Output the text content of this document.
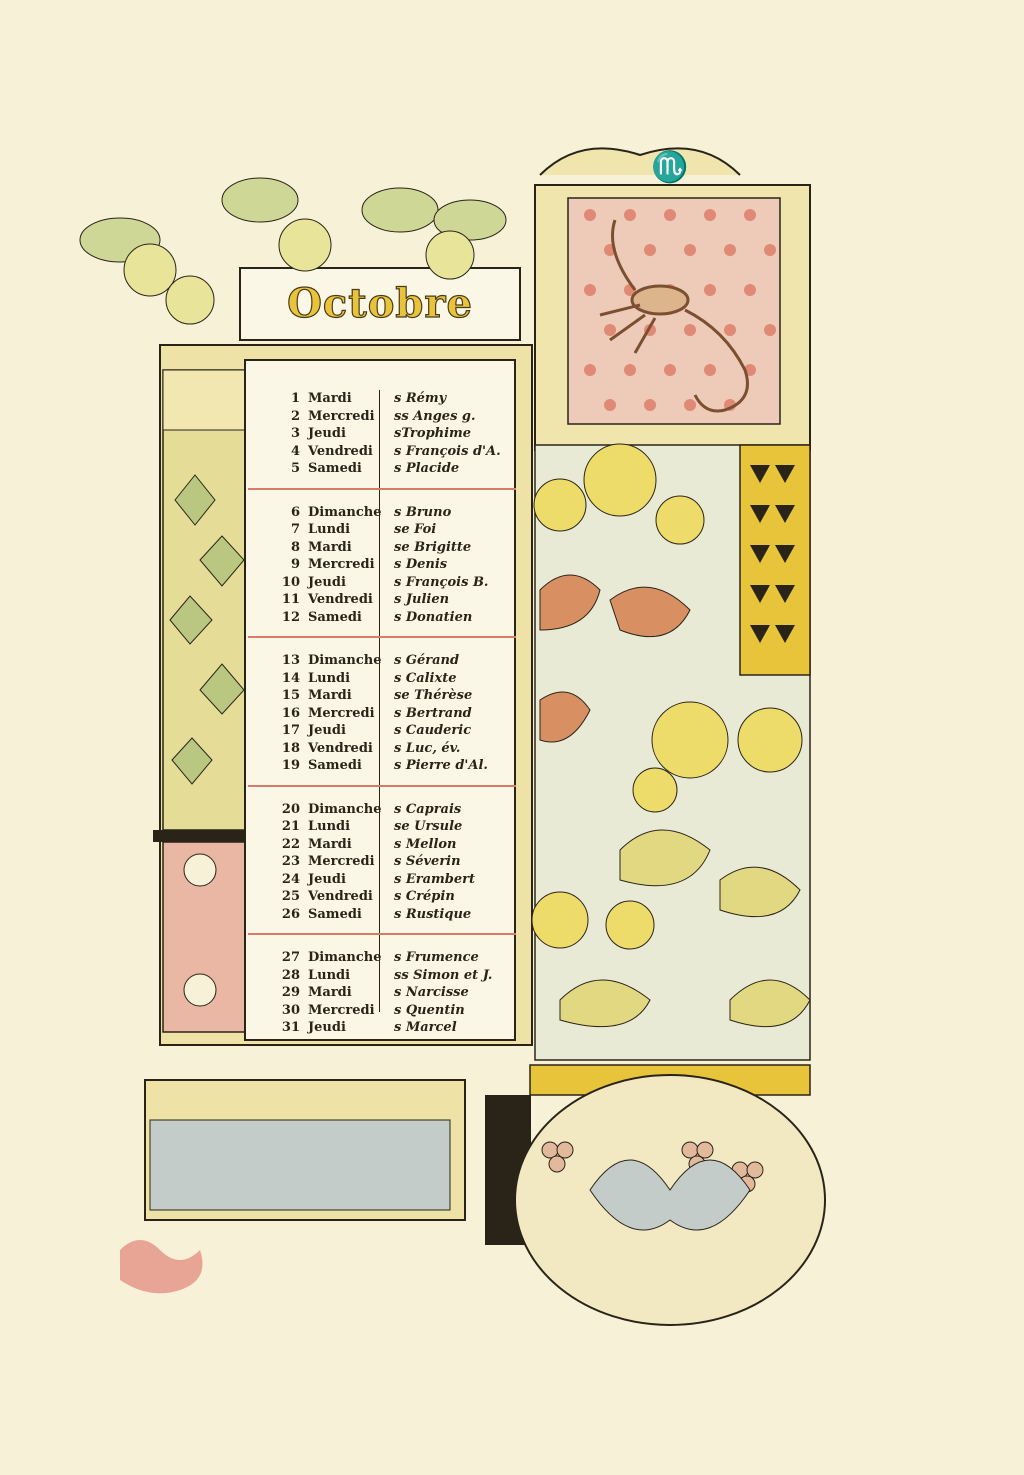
Octobre
♏
1 Mardi	s Rémy
2 Mercredi	ss Anges g.
3 Jeudi	sTrophime
4 Vendredi	s François d'A.
5 Samedi	s Placide
6 Dimanche s Bruno
7 Lundi	se Foi
8 Mardi	se Brigitte
9 Mercredi	s Denis
10 Jeudi	s François B.
11 Vendredi	s Julien
12 Samedi	s Donatien
13 Dimanche s Gérand
14 Lundi	s Calixte
15 Mardi	se Thérèse
16 Mercredi	s Bertrand
17 Jeudi	s Cauderic
18 Vendredi	s Luc, év.
19 Samedi	s Pierre d'Al.
20 Dimanche s Caprais
21 Lundi	se Ursule
22 Mardi	s Mellon
23 Mercredi	s Séverin
24 Jeudi	s Erambert
25 Vendredi	s Crépin
26 Samedi	s Rustique
27 Dimanche s Frumence
28 Lundi	ss Simon et J.
29 Mardi	s Narcisse
30 Mercredi	s Quentin
31 Jeudi	s Marcel
